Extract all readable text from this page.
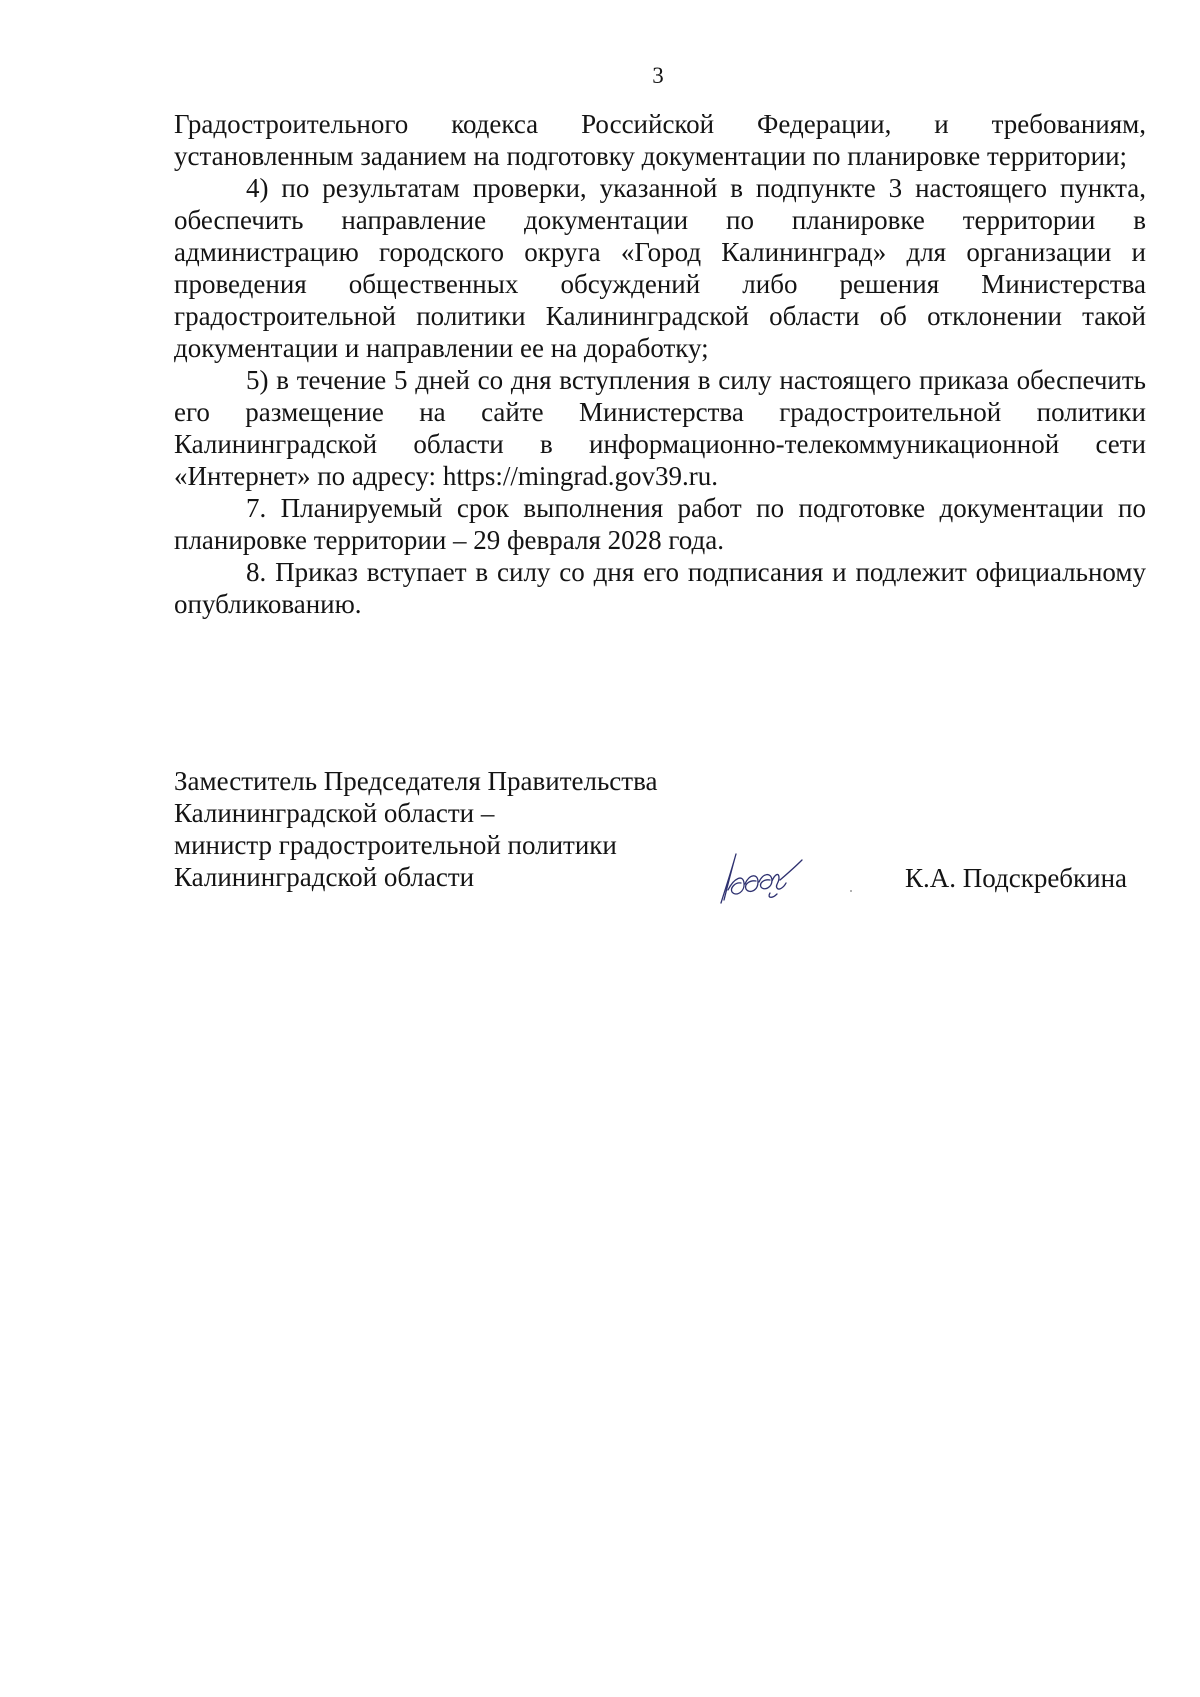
3

Градостроительного кодекса Российской Федерации, и требованиям, установленным заданием на подготовку документации по планировке территории;

4) по результатам проверки, указанной в подпункте 3 настоящего пункта, обеспечить направление документации по планировке территории в администрацию городского округа «Город Калининград» для организации и проведения общественных обсуждений либо решения Министерства градостроительной политики Калининградской области об отклонении такой документации и направлении ее на доработку;

5) в течение 5 дней со дня вступления в силу настоящего приказа обеспечить его размещение на сайте Министерства градостроительной политики Калининградской области в информационно-телекоммуникационной сети «Интернет» по адресу: https://mingrad.gov39.ru.

7. Планируемый срок выполнения работ по подготовке документации по планировке территории – 29 февраля 2028 года.

8. Приказ вступает в силу со дня его подписания и подлежит официальному опубликованию.

Заместитель Председателя Правительства
Калининградской области –
министр градостроительной политики
Калининградской области	К.А. Подскребкина
